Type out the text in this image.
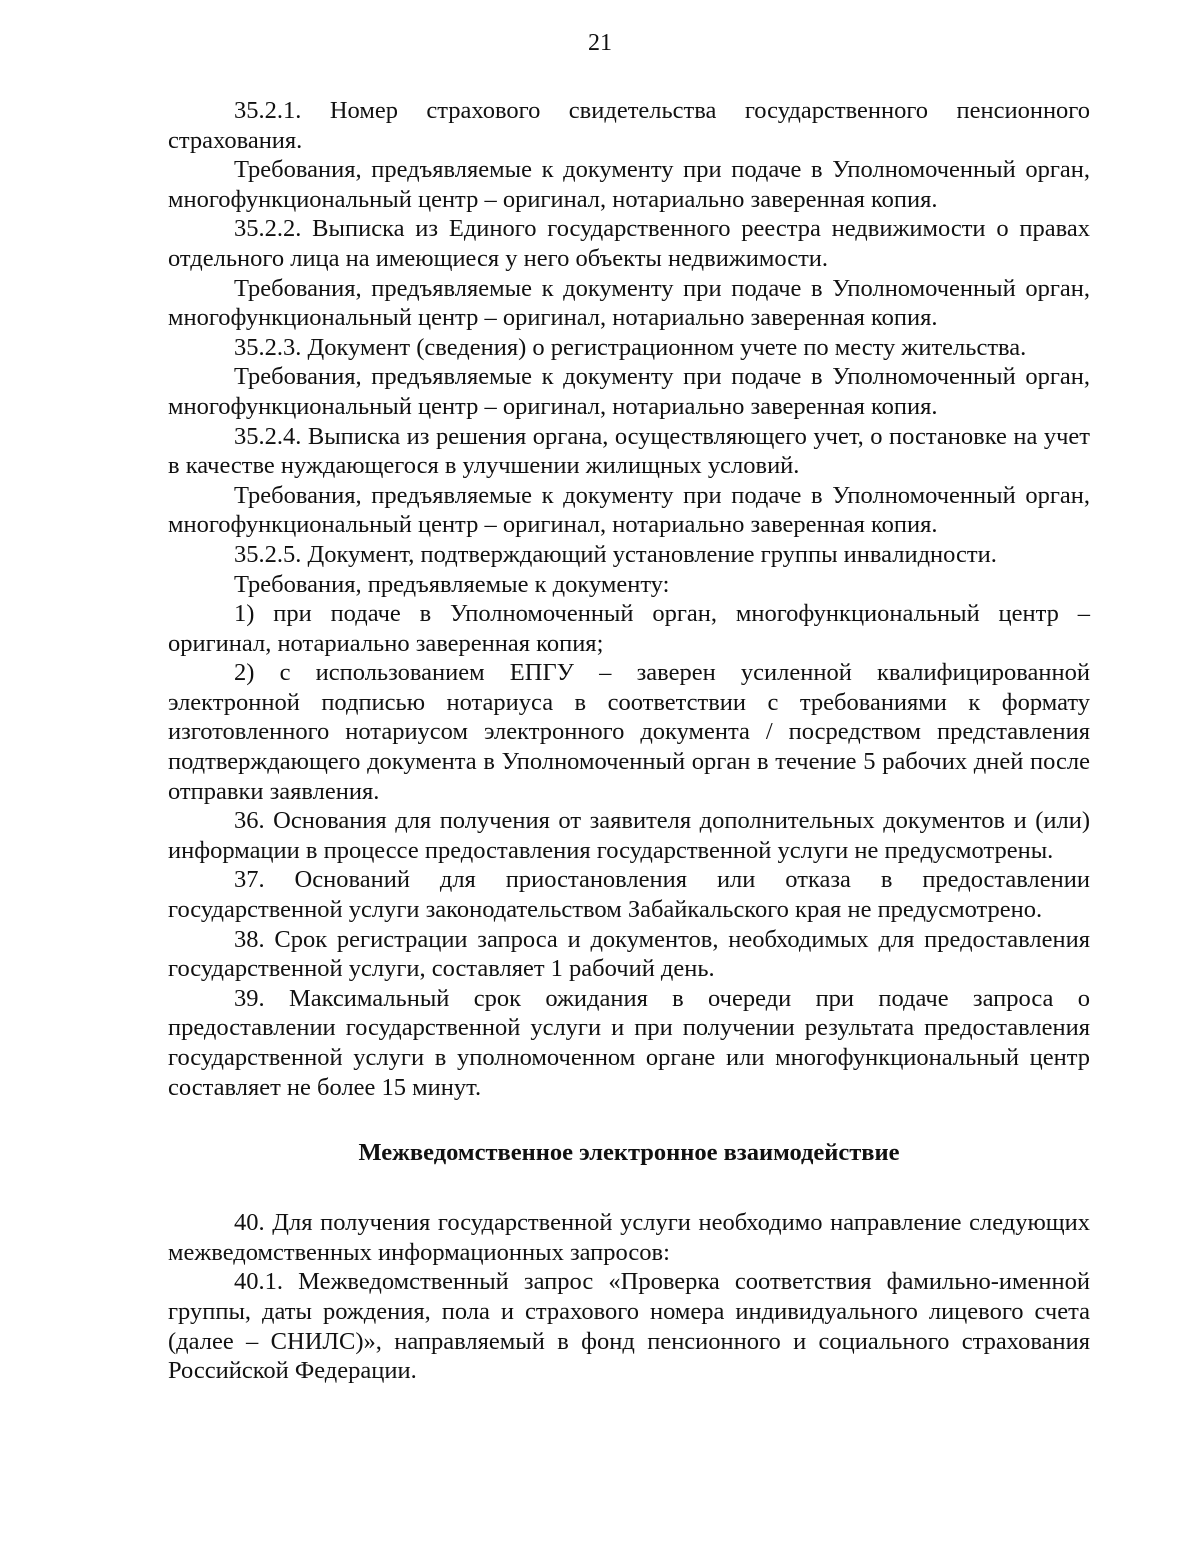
21

35.2.1. Номер страхового свидетельства государственного пенсионного страхования.

Требования, предъявляемые к документу при подаче в Уполномоченный орган, многофункциональный центр – оригинал, нотариально заверенная копия.

35.2.2. Выписка из Единого государственного реестра недвижимости о правах отдельного лица на имеющиеся у него объекты недвижимости.

Требования, предъявляемые к документу при подаче в Уполномоченный орган, многофункциональный центр – оригинал, нотариально заверенная копия.

35.2.3. Документ (сведения) о регистрационном учете по месту жительства.

Требования, предъявляемые к документу при подаче в Уполномоченный орган, многофункциональный центр – оригинал, нотариально заверенная копия.

35.2.4. Выписка из решения органа, осуществляющего учет, о постановке на учет в качестве нуждающегося в улучшении жилищных условий.

Требования, предъявляемые к документу при подаче в Уполномоченный орган, многофункциональный центр – оригинал, нотариально заверенная копия.

35.2.5. Документ, подтверждающий установление группы инвалидности.

Требования, предъявляемые к документу:

1) при подаче в Уполномоченный орган, многофункциональный центр – оригинал, нотариально заверенная копия;

2) с использованием ЕПГУ – заверен усиленной квалифицированной электронной подписью нотариуса в соответствии с требованиями к формату изготовленного нотариусом электронного документа / посредством представления подтверждающего документа в Уполномоченный орган в течение 5 рабочих дней после отправки заявления.

36. Основания для получения от заявителя дополнительных документов и (или) информации в процессе предоставления государственной услуги не предусмотрены.

37. Оснований для приостановления или отказа в предоставлении государственной услуги законодательством Забайкальского края не предусмотрено.

38. Срок регистрации запроса и документов, необходимых для предоставления государственной услуги, составляет 1 рабочий день.

39. Максимальный срок ожидания в очереди при подаче запроса о предоставлении государственной услуги и при получении результата предоставления государственной услуги в уполномоченном органе или многофункциональный центр составляет не более 15 минут.

Межведомственное электронное взаимодействие

40. Для получения государственной услуги необходимо направление следующих межведомственных информационных запросов:

40.1. Межведомственный запрос «Проверка соответствия фамильно-именной группы, даты рождения, пола и страхового номера индивидуального лицевого счета (далее – СНИЛС)», направляемый в фонд пенсионного и социального страхования Российской Федерации.
